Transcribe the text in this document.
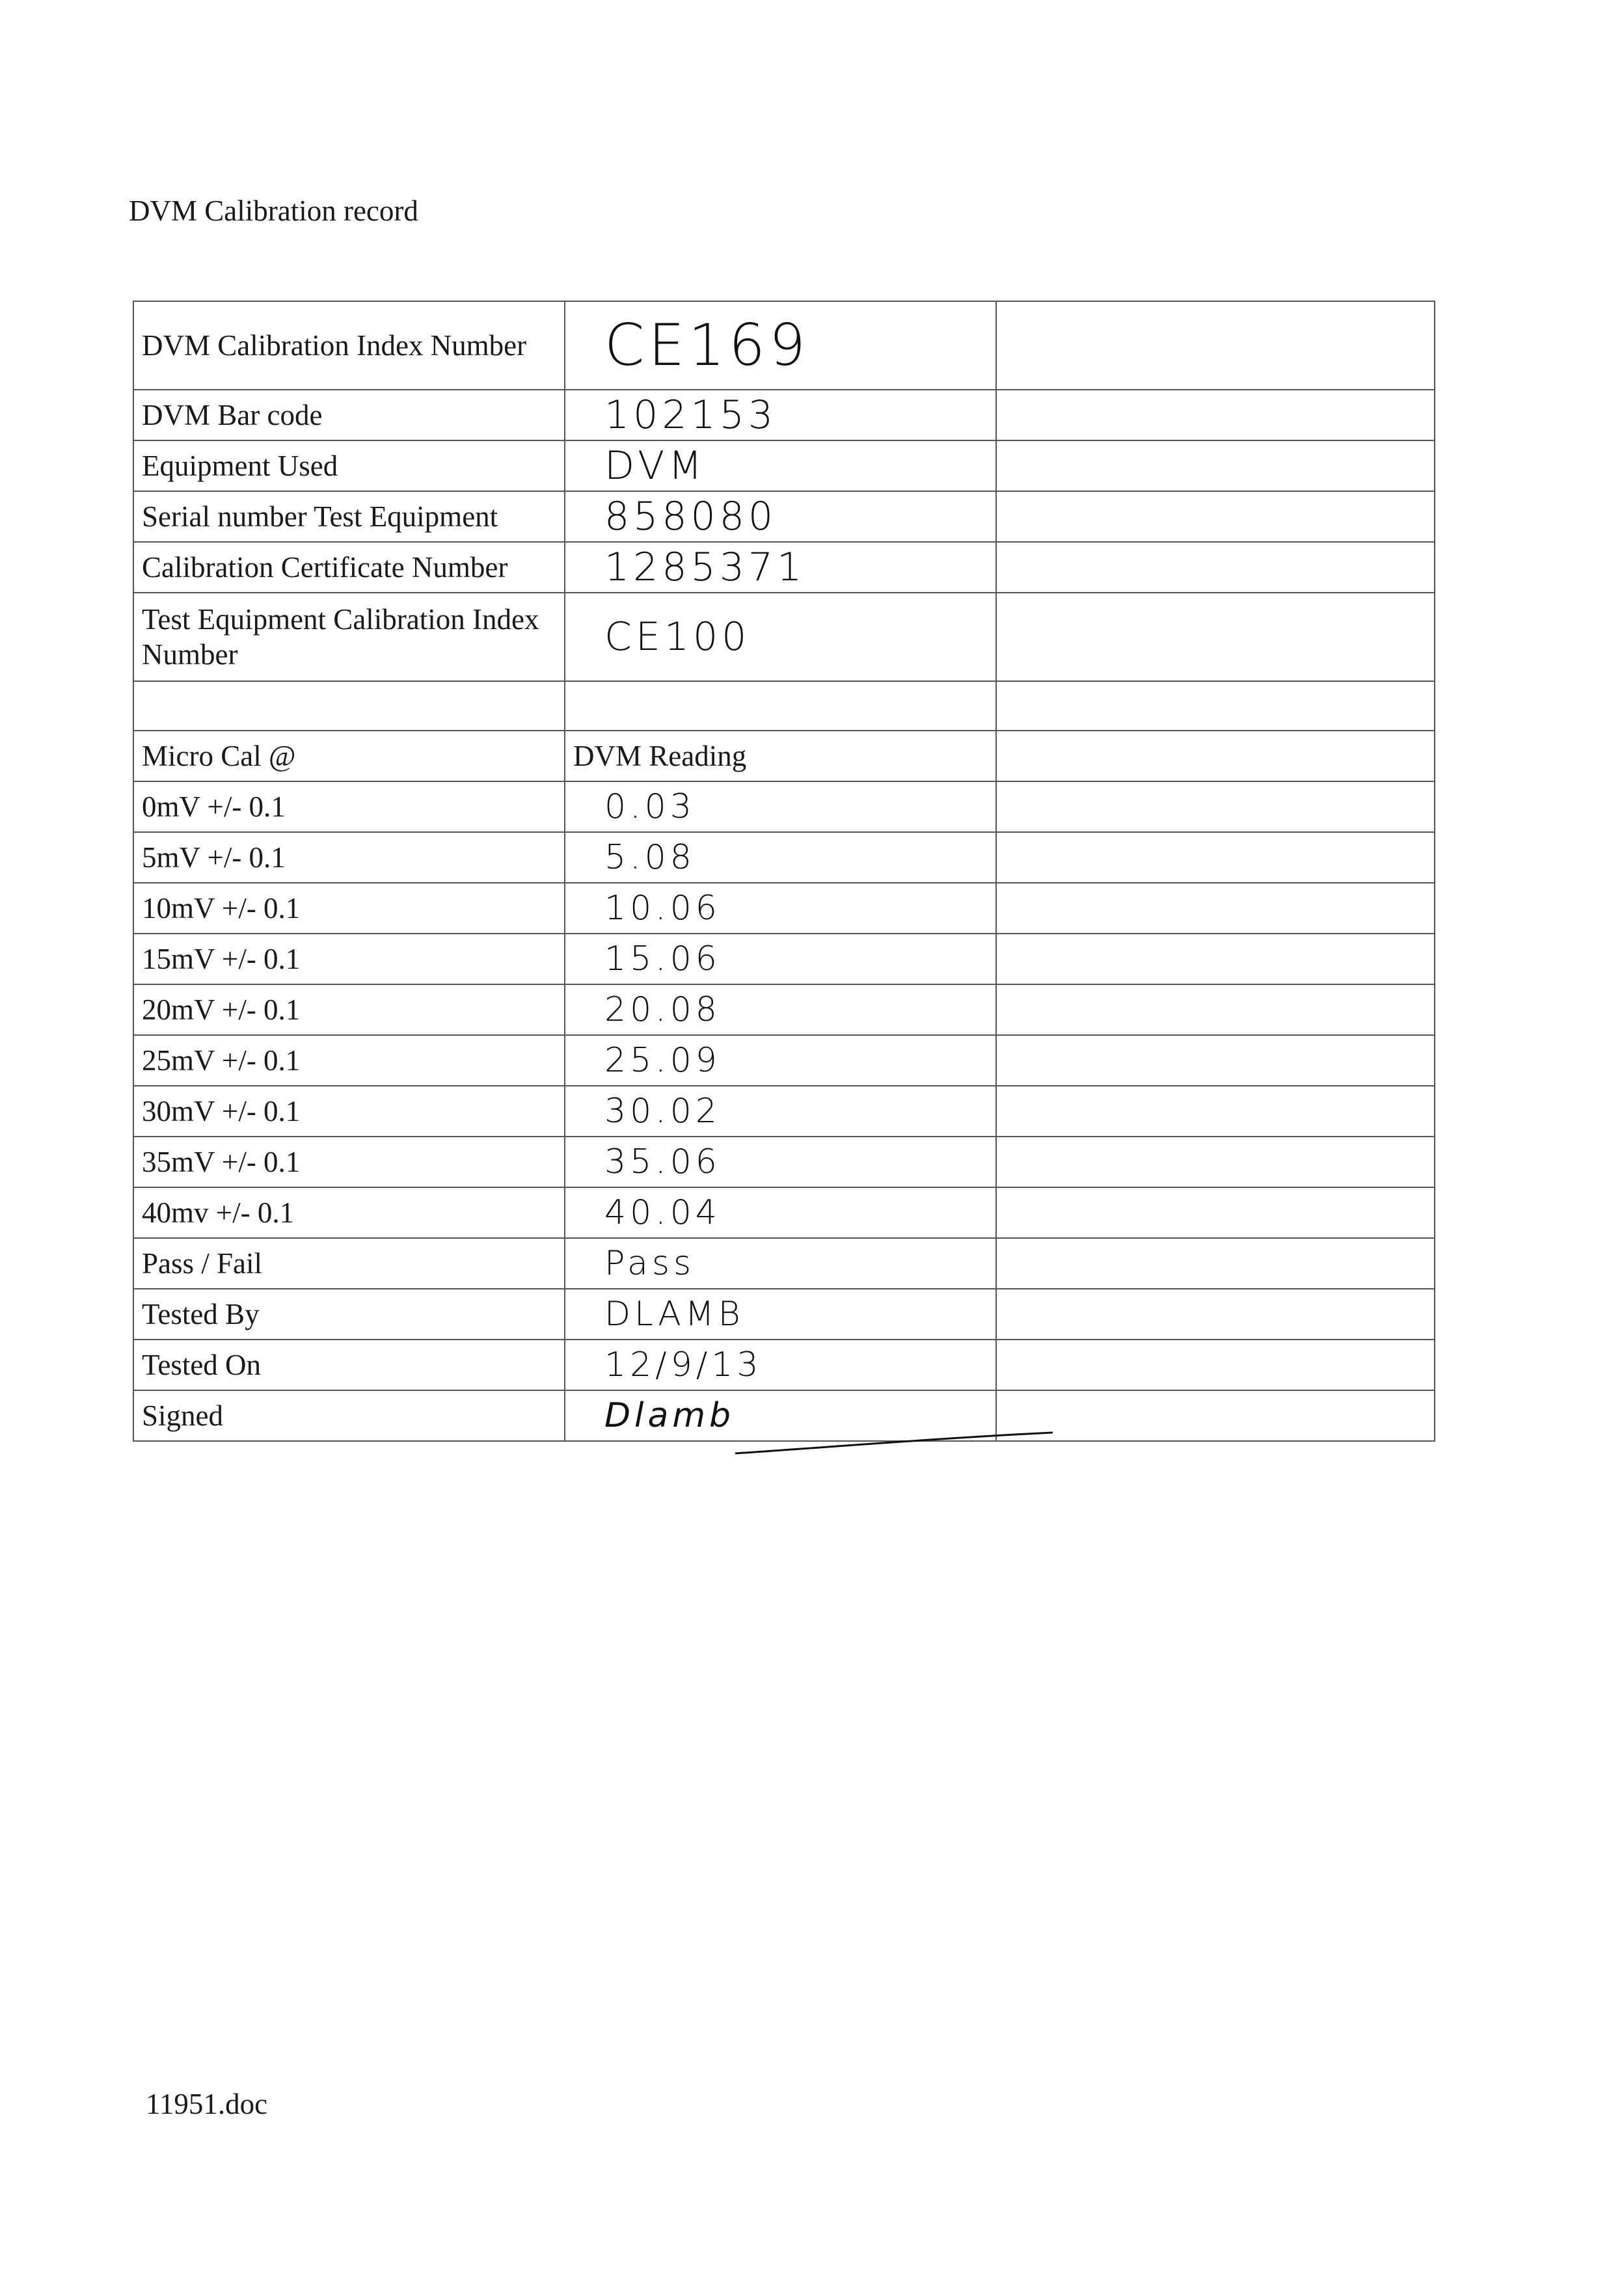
DVM Calibration record
DVM Calibration Index Number	CE169	
DVM Bar code	102153	
Equipment Used	DVM	
Serial number Test Equipment	858080	
Calibration Certificate Number	1285371	
Test Equipment Calibration Index Number	CE100	

Micro Cal @	DVM Reading	
0mV +/- 0.1	0.03	
5mV +/- 0.1	5.08	
10mV +/- 0.1	10.06	
15mV +/- 0.1	15.06	
20mV +/- 0.1	20.08	
25mV +/- 0.1	25.09	
30mV +/- 0.1	30.02	
35mV +/- 0.1	35.06	
40mv +/- 0.1	40.04	
Pass / Fail	Pass	
Tested By	DLAMB	
Tested On	12/9/13	
Signed	Dlamb	
11951.doc
